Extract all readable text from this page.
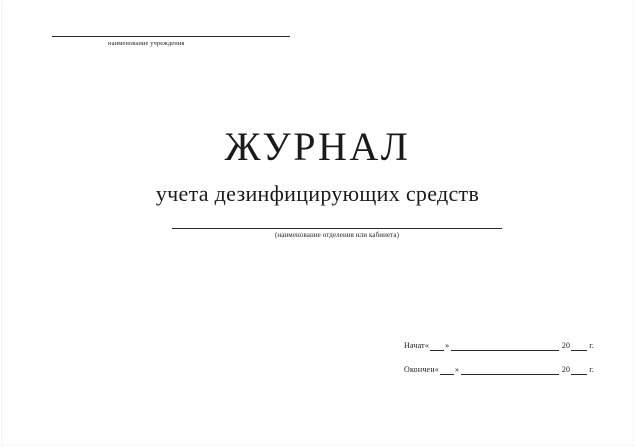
наименование учреждения
ЖУРНАЛ
учета дезинфицирующих средств
(наименование отделения или кабинета)
Начат « »	20 г.
Окончен « »	20 г.
